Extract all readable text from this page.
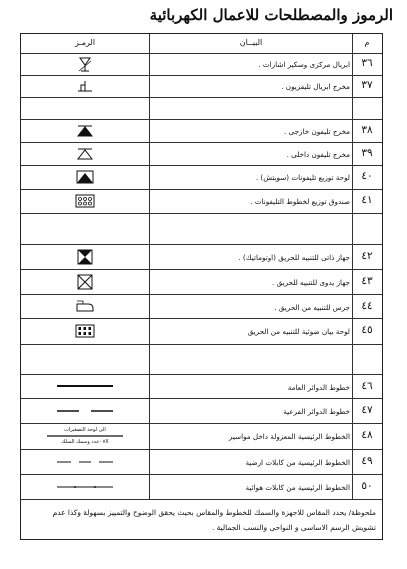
الرموز والمصطلحات للاعمال الكهربائية
م
البيــان
الرمـز
٣٦
ابريال مركزى وسكير اشارات .
٣٧
مخرج ابريال تليفزيون .
٣٨
مخرج تليفون خارجى .
٣٩
مخرج تليفون داخلى .
٤٠
لوحة توزيع تليفونات (سويتش) .
٤١
صندوق توزيع لخطوط التليفونات .
٤٢
جهاز ذاتى للتنبيه للحريق (اوتوماتيك) .
٤٣
جهاز يدوى للتنبيه للحريق .
٤٤
جرس للتنبيه من الحريق .
٤٥
لوحة بيان ضوئية للتنبيه من الحريق
٤٦
خطوط الدوائر العامة
٤٧
خطوط الدوائر الفرعية
٤٨
الخطوط الرئيسية المعزولة داخل مواسير
الى لوحة التصغيرات
٧X -عدد وسمك السلك
٤٩
الخطوط الرئيسية من كابلات ارضية
٥٠
الخطوط الرئيسية من كابلات هوائية
ملحوظة/ يحدد المقاس للاجهزة والسمك للخطوط والمقاس بحيث يحقق الوضوح والتمييز بسهولة وكذا عدم تشويش الرسم الاساسى و النواحى والنسب الجمالية .
